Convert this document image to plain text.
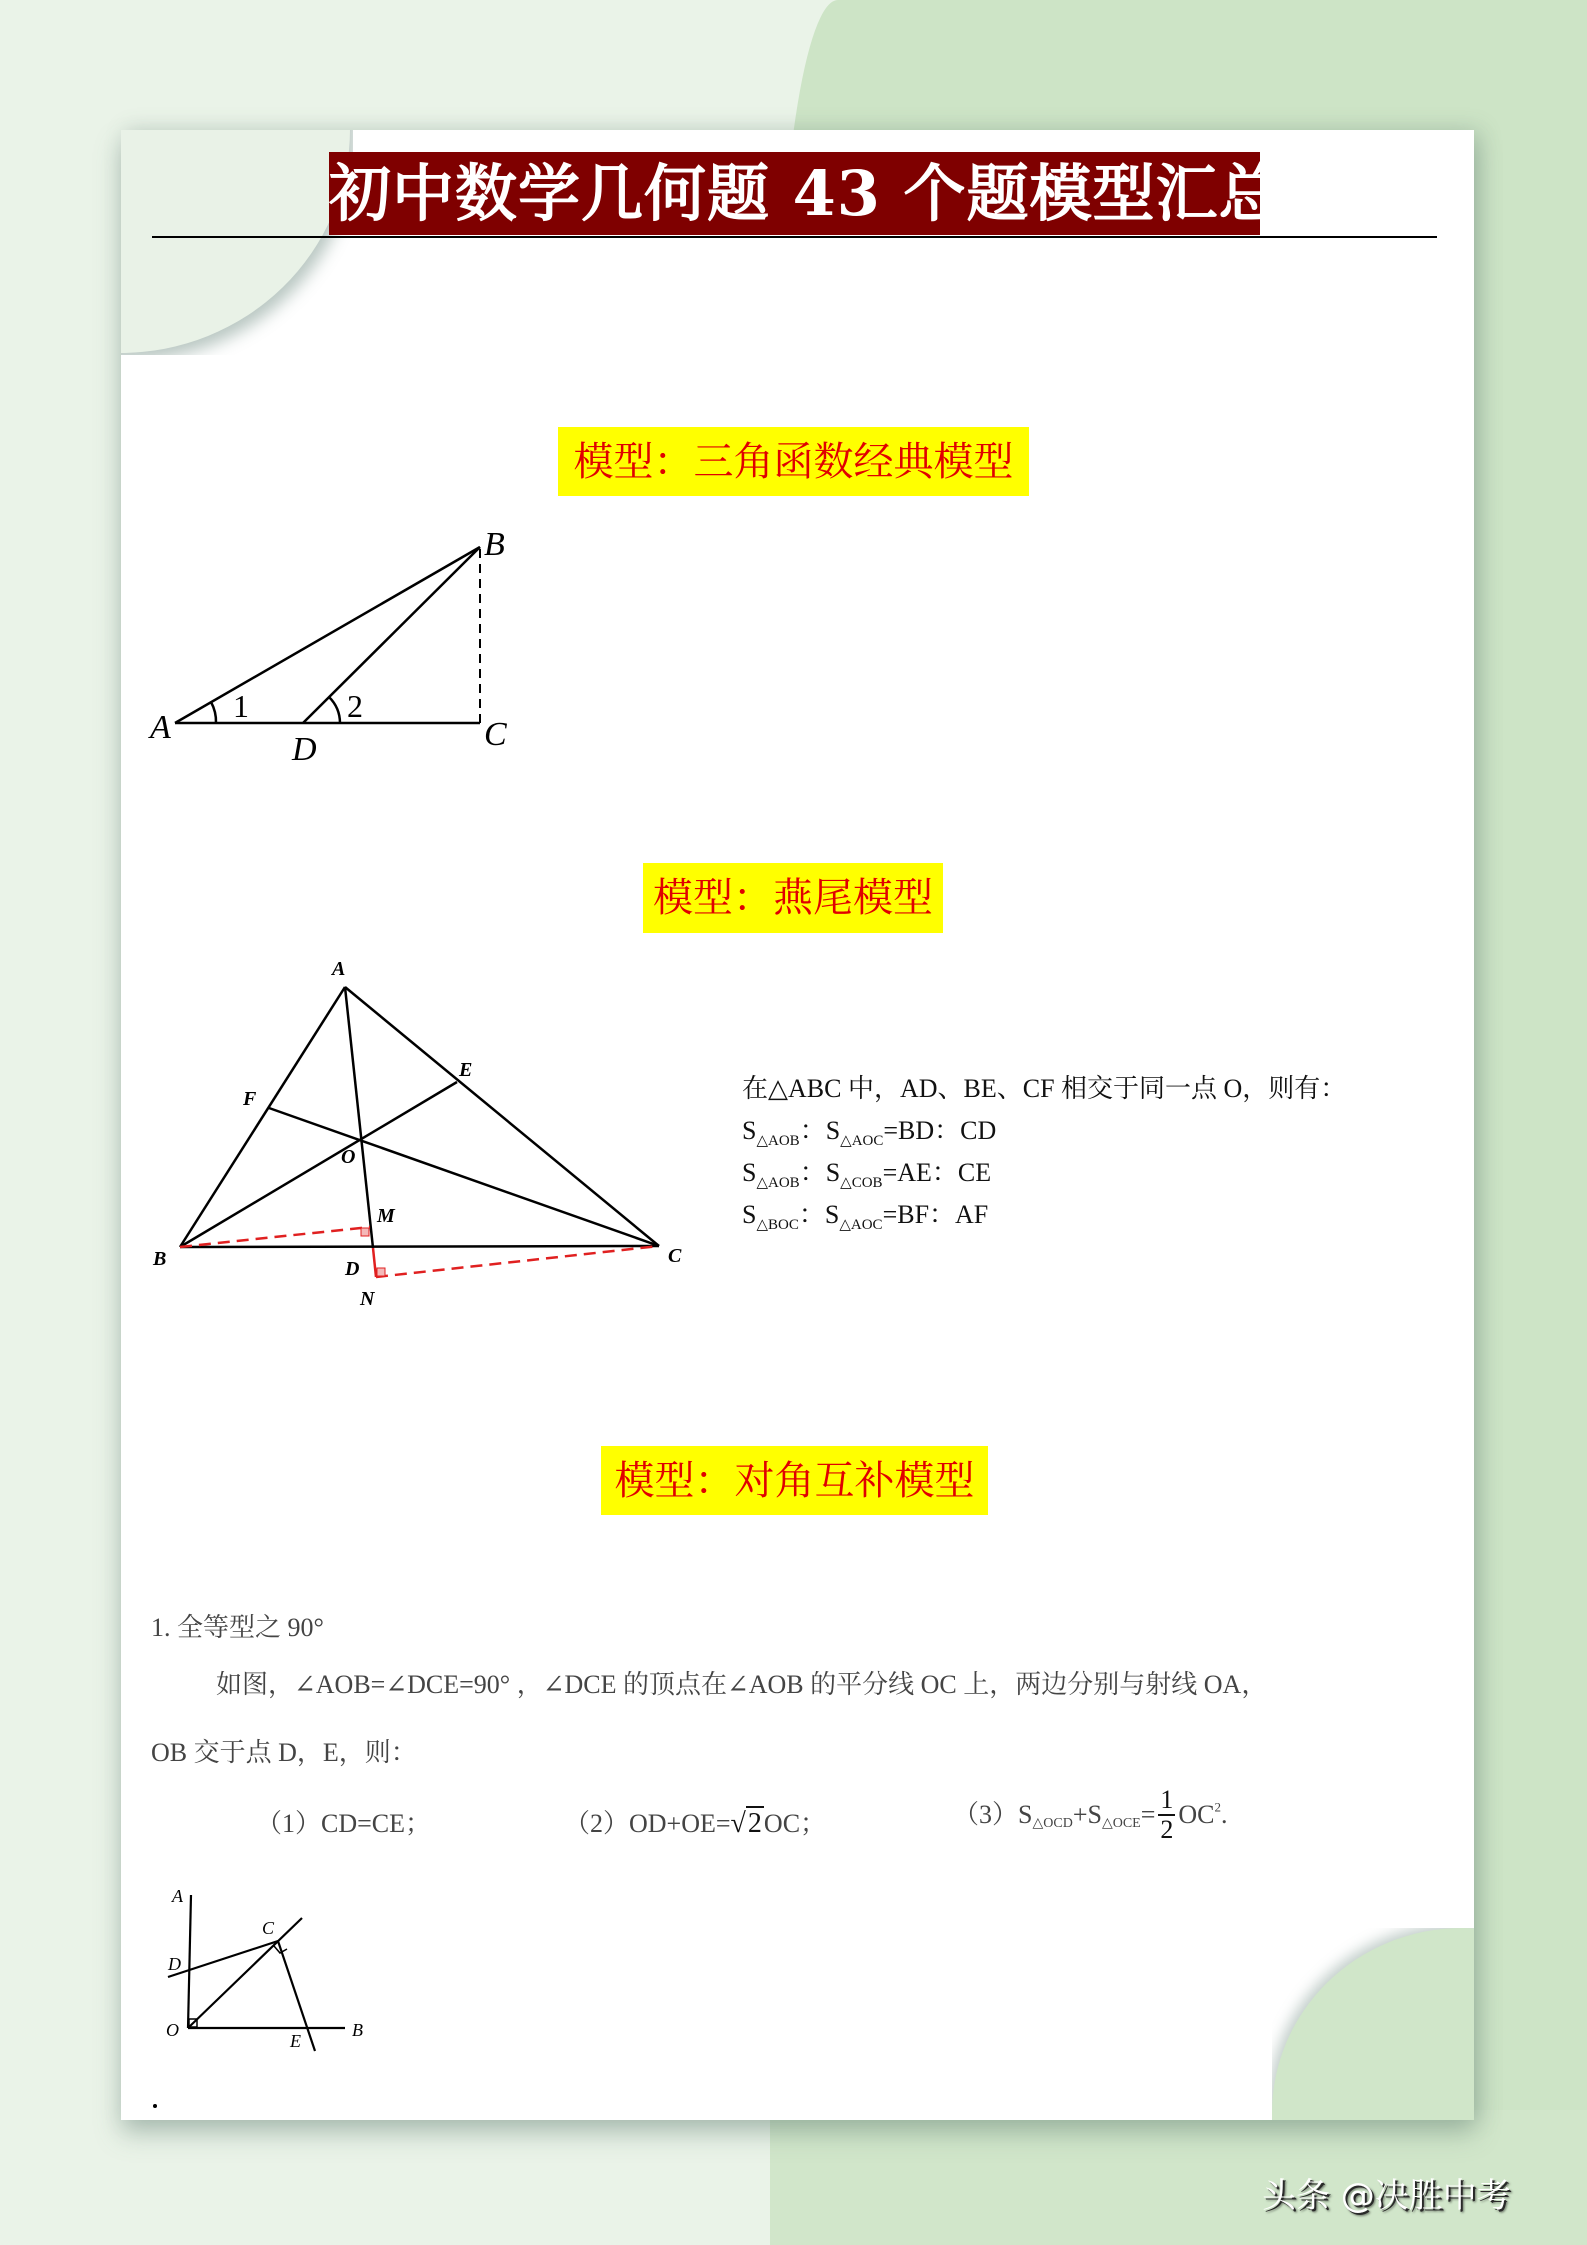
初中数学几何题 43 个题模型汇总
模型：三角函数经典模型
A
D	C
B
1	2
模型：燕尾模型
A
E
F
O
M
B	D
N
C
在△ABC 中，AD、BE、CF 相交于同一点 O，则有：
$S_{\triangle AOB}$：$S_{\triangle AOC}=BD$：CD
$S_{\triangle AOB}$：$S_{\triangle COB}=AE$：CE
$S_{\triangle BOC}$：$S_{\triangle AOC}=BF$：AF
模型：对角互补模型
1. 全等型之 90°
如图，∠AOB=∠DCE=90° ，∠DCE 的顶点在∠AOB 的平分线 OC 上，两边分别与射线 OA，
OB 交于点 D，E，则：
（1）CD=CE；	（2）OD+OE=√2OC；	$(3)S_{\triangle OCD}+S_{\triangle OCE}= \frac{1}{2} OC^2$.
A
D
C
O
E
B
头条 @决胜中考
